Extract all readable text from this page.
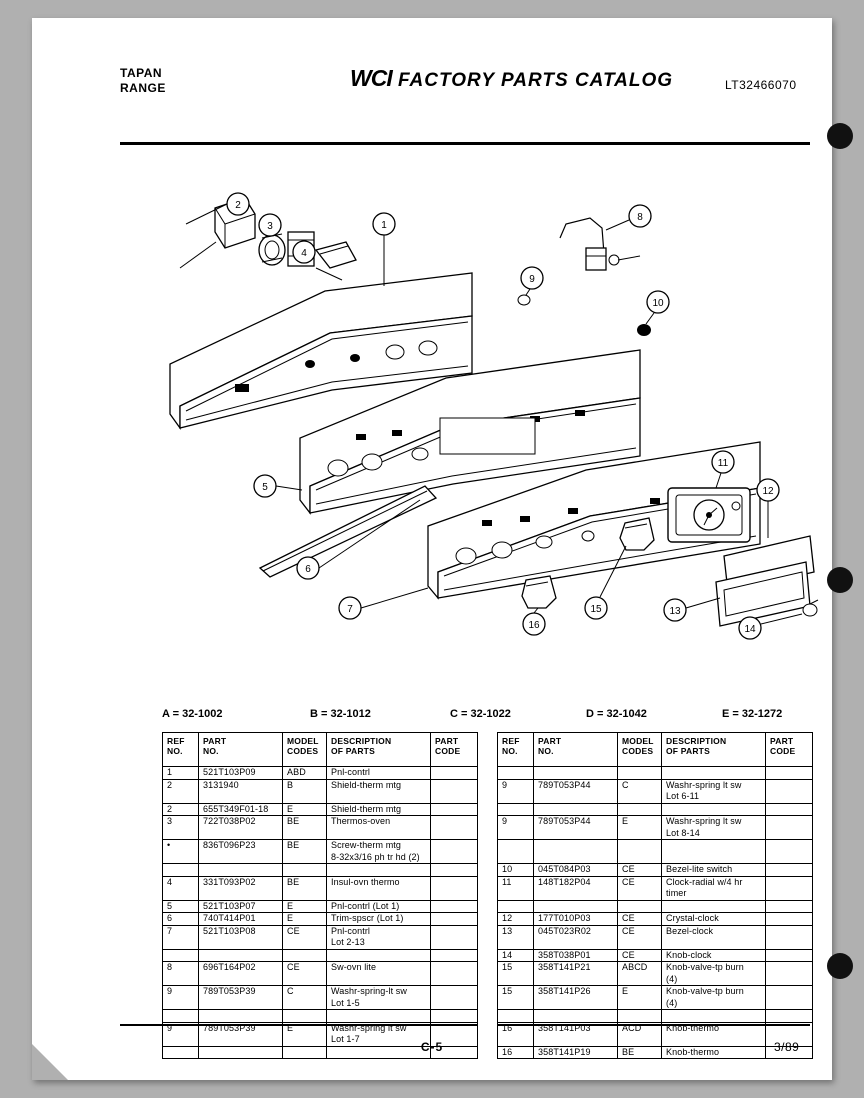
TAPAN
RANGE	WCI FACTORY PARTS CATALOG	LT32466070
1
2
3
4
5
6
7
8
9
10
11
12
13
14
15
16
A = 32-1002	B = 32-1012	C = 32-1022	D = 32-1042	E = 32-1272
REF
NO.	PART
NO.	MODEL
CODES	DESCRIPTION
OF PARTS	PART
CODE		REF
NO.	PART
NO.	MODEL
CODES	DESCRIPTION
OF PARTS	PART
CODE

1	521T103P09	ABD	Pnl-contrl							

2	3131940	B	Shield-therm mtg			9	789T053P44	C	Washr-spring lt sw
Lot 6-11	

2	655T349F01-18	E	Shield-therm mtg							

3	722T038P02	BE	Thermos-oven			9	789T053P44	E	Washr-spring lt sw
Lot 8-14	

•	836T096P23	BE	Screw-therm mtg
8-32x3/16 ph tr hd (2)							

						10	045T084P03	CE	Bezel-lite switch	

4	331T093P02	BE	Insul-ovn thermo			11	148T182P04	CE	Clock-radial w/4 hr
timer	

5	521T103P07	E	Pnl-contrl (Lot 1)							

6	740T414P01	E	Trim-spscr (Lot 1)			12	177T010P03	CE	Crystal-clock	

7	521T103P08	CE	Pnl-contrl
Lot 2-13			13	045T023R02	CE	Bezel-clock	

						14	358T038P01	CE	Knob-clock	

8	696T164P02	CE	Sw-ovn lite			15	358T141P21	ABCD	Knob-valve-tp burn
(4)	

9	789T053P39	C	Washr-spring-lt sw
Lot 1-5			15	358T141P26	E	Knob-valve-tp burn
(4)	

9	789T053P39	E	Washr-spring lt sw
Lot 1-7			16	358T141P03	ACD	Knob-thermo	

						16	358T141P19	BE	Knob-thermo	

C-5	3/89
